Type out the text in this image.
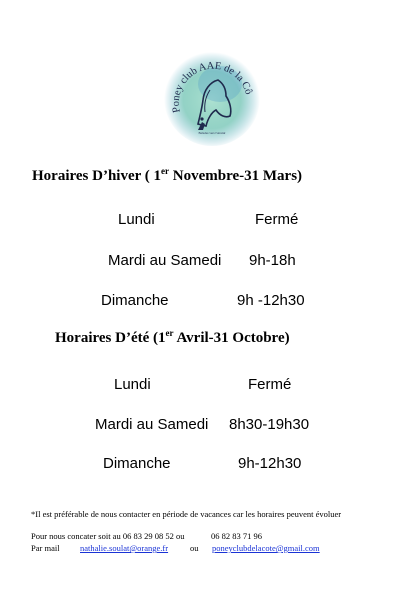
Poney club AAE de la Cô
Balades vers l'Avenir
Horaires D’hiver ( 1er Novembre-31 Mars)
Lundi	Fermé
Mardi au Samedi 9h-18h
Dimanche	9h -12h30
Horaires D’été (1er Avril-31 Octobre)
Lundi	Fermé
Mardi au Samedi 8h30-19h30
Dimanche	9h-12h30
*Il est préférable de nous contacter en période de vacances car les horaires peuvent évoluer
Pour nous concater soit au 06 83 29 08 52 ou	06 82 83 71 96
Par mail nathalie.soulat@orange.fr	ou poneyclubdelacote@gmail.com
